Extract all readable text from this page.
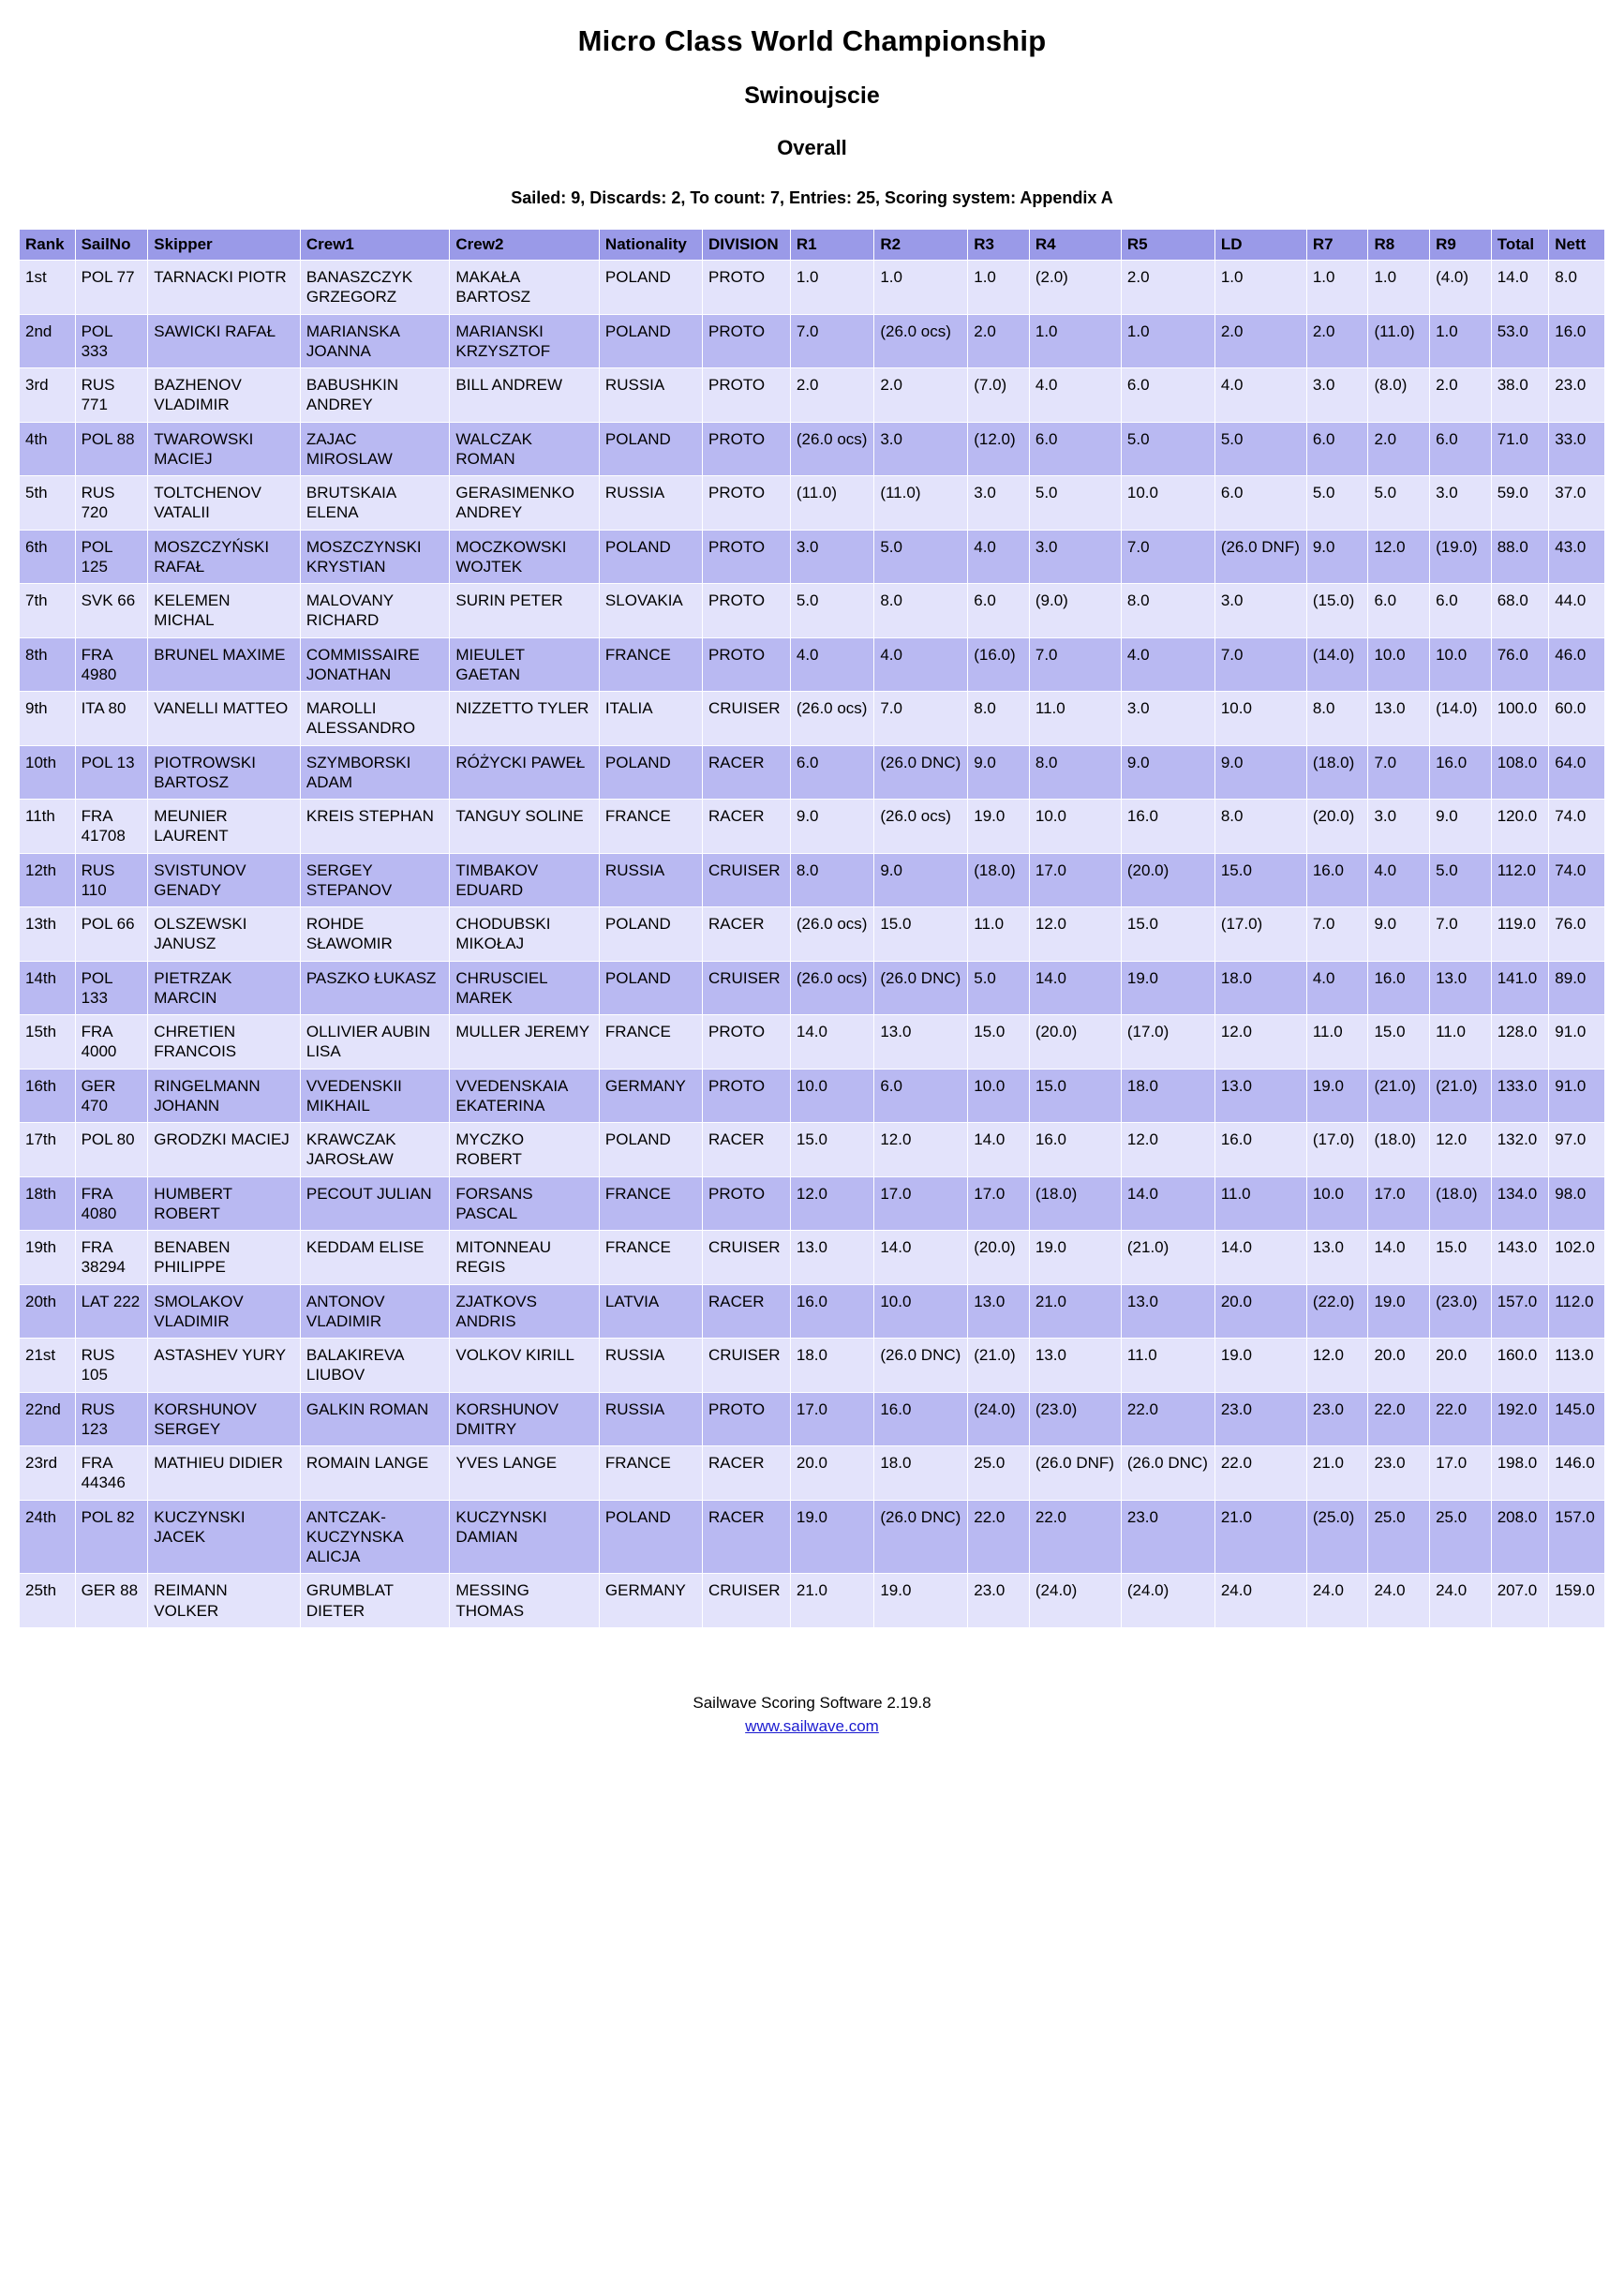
Micro Class World Championship
Swinoujscie
Overall
Sailed: 9, Discards: 2, To count: 7, Entries: 25, Scoring system: Appendix A
Rank	SailNo	Skipper	Crew1	Crew2	Nationality	DIVISION	R1	R2	R3	R4	R5	LD	R7	R8	R9	Total	Nett
1st	POL 77	TARNACKI PIOTR	BANASZCZYK GRZEGORZ	MAKAŁA BARTOSZ	POLAND	PROTO	1.0	1.0	1.0	(2.0)	2.0	1.0	1.0	1.0	(4.0)	14.0	8.0
2nd	POL 333	SAWICKI RAFAŁ	MARIANSKA JOANNA	MARIANSKI KRZYSZTOF	POLAND	PROTO	7.0	(26.0 ocs)	2.0	1.0	1.0	2.0	2.0	(11.0)	1.0	53.0	16.0
3rd	RUS 771	BAZHENOV VLADIMIR	BABUSHKIN ANDREY	BILL ANDREW	RUSSIA	PROTO	2.0	2.0	(7.0)	4.0	6.0	4.0	3.0	(8.0)	2.0	38.0	23.0
4th	POL 88	TWAROWSKI MACIEJ	ZAJAC MIROSLAW	WALCZAK ROMAN	POLAND	PROTO	(26.0 ocs)	3.0	(12.0)	6.0	5.0	5.0	6.0	2.0	6.0	71.0	33.0
5th	RUS 720	TOLTCHENOV VATALII	BRUTSKAIA ELENA	GERASIMENKO ANDREY	RUSSIA	PROTO	(11.0)	(11.0)	3.0	5.0	10.0	6.0	5.0	5.0	3.0	59.0	37.0
6th	POL 125	MOSZCZYŃSKI RAFAŁ	MOSZCZYNSKI KRYSTIAN	MOCZKOWSKI WOJTEK	POLAND	PROTO	3.0	5.0	4.0	3.0	7.0	(26.0 DNF)	9.0	12.0	(19.0)	88.0	43.0
7th	SVK 66	KELEMEN MICHAL	MALOVANY RICHARD	SURIN PETER	SLOVAKIA	PROTO	5.0	8.0	6.0	(9.0)	8.0	3.0	(15.0)	6.0	6.0	68.0	44.0
8th	FRA 4980	BRUNEL MAXIME	COMMISSAIRE JONATHAN	MIEULET GAETAN	FRANCE	PROTO	4.0	4.0	(16.0)	7.0	4.0	7.0	(14.0)	10.0	10.0	76.0	46.0
9th	ITA 80	VANELLI MATTEO	MAROLLI ALESSANDRO	NIZZETTO TYLER	ITALIA	CRUISER	(26.0 ocs)	7.0	8.0	11.0	3.0	10.0	8.0	13.0	(14.0)	100.0	60.0
10th	POL 13	PIOTROWSKI BARTOSZ	SZYMBORSKI ADAM	RÓŻYCKI PAWEŁ	POLAND	RACER	6.0	(26.0 DNC)	9.0	8.0	9.0	9.0	(18.0)	7.0	16.0	108.0	64.0
11th	FRA 41708	MEUNIER LAURENT	KREIS STEPHAN	TANGUY SOLINE	FRANCE	RACER	9.0	(26.0 ocs)	19.0	10.0	16.0	8.0	(20.0)	3.0	9.0	120.0	74.0
12th	RUS 110	SVISTUNOV GENADY	SERGEY STEPANOV	TIMBAKOV EDUARD	RUSSIA	CRUISER	8.0	9.0	(18.0)	17.0	(20.0)	15.0	16.0	4.0	5.0	112.0	74.0
13th	POL 66	OLSZEWSKI JANUSZ	ROHDE SŁAWOMIR	CHODUBSKI MIKOŁAJ	POLAND	RACER	(26.0 ocs)	15.0	11.0	12.0	15.0	(17.0)	7.0	9.0	7.0	119.0	76.0
14th	POL 133	PIETRZAK MARCIN	PASZKO ŁUKASZ	CHRUSCIEL MAREK	POLAND	CRUISER	(26.0 ocs)	(26.0 DNC)	5.0	14.0	19.0	18.0	4.0	16.0	13.0	141.0	89.0
15th	FRA 4000	CHRETIEN FRANCOIS	OLLIVIER AUBIN LISA	MULLER JEREMY	FRANCE	PROTO	14.0	13.0	15.0	(20.0)	(17.0)	12.0	11.0	15.0	11.0	128.0	91.0
16th	GER 470	RINGELMANN JOHANN	VVEDENSKII MIKHAIL	VVEDENSKAIA EKATERINA	GERMANY	PROTO	10.0	6.0	10.0	15.0	18.0	13.0	19.0	(21.0)	(21.0)	133.0	91.0
17th	POL 80	GRODZKI MACIEJ	KRAWCZAK JAROSŁAW	MYCZKO ROBERT	POLAND	RACER	15.0	12.0	14.0	16.0	12.0	16.0	(17.0)	(18.0)	12.0	132.0	97.0
18th	FRA 4080	HUMBERT ROBERT	PECOUT JULIAN	FORSANS PASCAL	FRANCE	PROTO	12.0	17.0	17.0	(18.0)	14.0	11.0	10.0	17.0	(18.0)	134.0	98.0
19th	FRA 38294	BENABEN PHILIPPE	KEDDAM ELISE	MITONNEAU REGIS	FRANCE	CRUISER	13.0	14.0	(20.0)	19.0	(21.0)	14.0	13.0	14.0	15.0	143.0	102.0
20th	LAT 222	SMOLAKOV VLADIMIR	ANTONOV VLADIMIR	ZJATKOVS ANDRIS	LATVIA	RACER	16.0	10.0	13.0	21.0	13.0	20.0	(22.0)	19.0	(23.0)	157.0	112.0
21st	RUS 105	ASTASHEV YURY	BALAKIREVA LIUBOV	VOLKOV KIRILL	RUSSIA	CRUISER	18.0	(26.0 DNC)	(21.0)	13.0	11.0	19.0	12.0	20.0	20.0	160.0	113.0
22nd	RUS 123	KORSHUNOV SERGEY	GALKIN ROMAN	KORSHUNOV DMITRY	RUSSIA	PROTO	17.0	16.0	(24.0)	(23.0)	22.0	23.0	23.0	22.0	22.0	192.0	145.0
23rd	FRA 44346	MATHIEU DIDIER	ROMAIN LANGE	YVES LANGE	FRANCE	RACER	20.0	18.0	25.0	(26.0 DNF)	(26.0 DNC)	22.0	21.0	23.0	17.0	198.0	146.0
24th	POL 82	KUCZYNSKI JACEK	ANTCZAK-KUCZYNSKA ALICJA	KUCZYNSKI DAMIAN	POLAND	RACER	19.0	(26.0 DNC)	22.0	22.0	23.0	21.0	(25.0)	25.0	25.0	208.0	157.0
25th	GER 88	REIMANN VOLKER	GRUMBLAT DIETER	MESSING THOMAS	GERMANY	CRUISER	21.0	19.0	23.0	(24.0)	(24.0)	24.0	24.0	24.0	24.0	207.0	159.0
Sailwave Scoring Software 2.19.8
www.sailwave.com
